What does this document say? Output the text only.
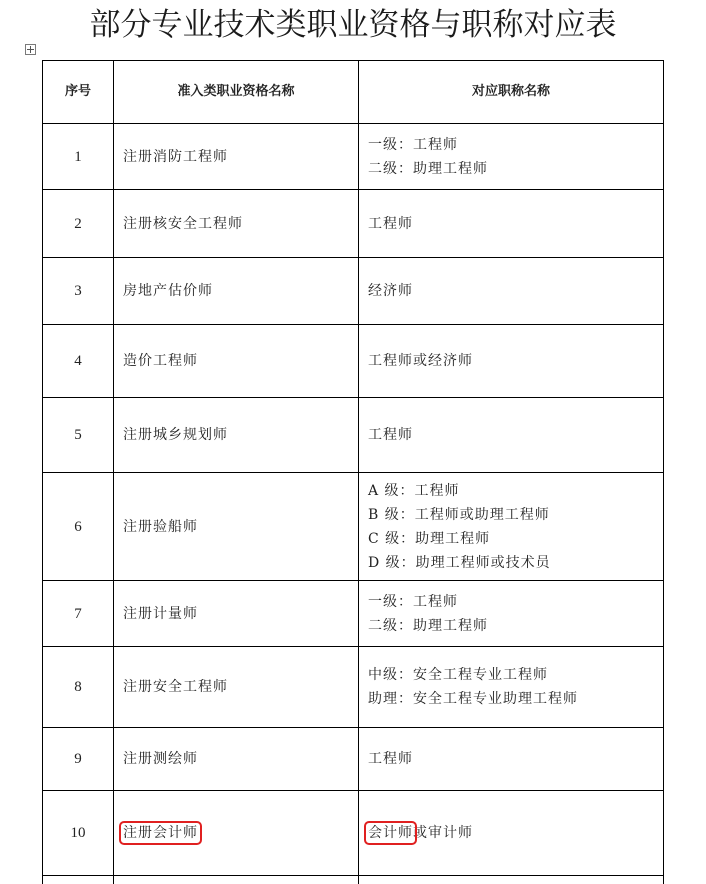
部分专业技术类职业资格与职称对应表
序号	准入类职业资格名称	对应职称名称
1	注册消防工程师	一级：工程师
二级：助理工程师

2	注册核安全工程师	工程师

3	房地产估价师	经济师

4	造价工程师	工程师或经济师

5	注册城乡规划师	工程师

6	注册验船师	A 级：工程师
B 级：工程师或助理工程师
C 级：助理工程师
D 级：助理工程师或技术员

7	注册计量师	一级：工程师
二级：助理工程师

8	注册安全工程师	中级：安全工程专业工程师
助理：安全工程专业助理工程师

9	注册测绘师	工程师

10	注册会计师	会计师或审计师
